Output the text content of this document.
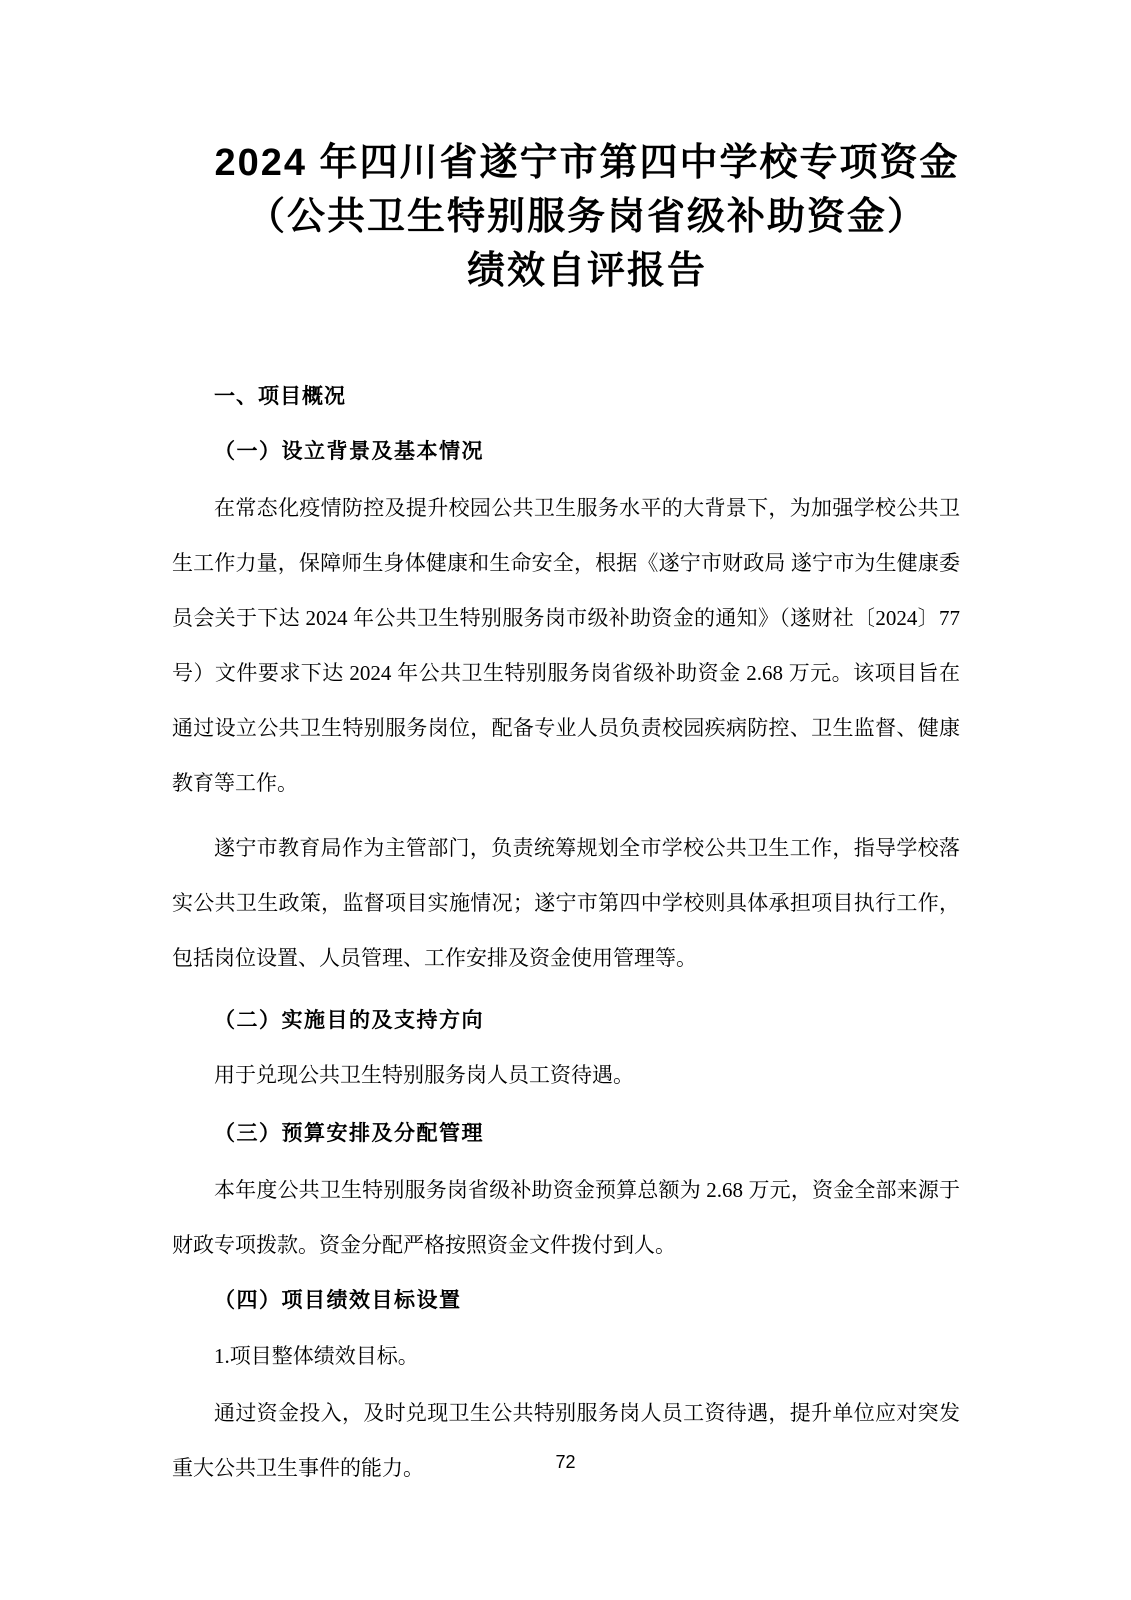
2024 年四川省遂宁市第四中学校专项资金
（公共卫生特别服务岗省级补助资金）
绩效自评报告
一、项目概况
（一）设立背景及基本情况

在常态化疫情防控及提升校园公共卫生服务水平的大背景下，为加强学校公共卫生工作力量，保障师生身体健康和生命安全，根据《遂宁市财政局 遂宁市为生健康委员会关于下达 2024 年公共卫生特别服务岗市级补助资金的通知》（遂财社〔2024〕77 号）文件要求下达 2024 年公共卫生特别服务岗省级补助资金 2.68 万元。该项目旨在通过设立公共卫生特别服务岗位，配备专业人员负责校园疾病防控、卫生监督、健康教育等工作。

遂宁市教育局作为主管部门，负责统筹规划全市学校公共卫生工作，指导学校落实公共卫生政策，监督项目实施情况；遂宁市第四中学校则具体承担项目执行工作，包括岗位设置、人员管理、工作安排及资金使用管理等。

（二）实施目的及支持方向

用于兑现公共卫生特别服务岗人员工资待遇。

（三）预算安排及分配管理

本年度公共卫生特别服务岗省级补助资金预算总额为 2.68 万元，资金全部来源于财政专项拨款。资金分配严格按照资金文件拨付到人。

（四）项目绩效目标设置

1.项目整体绩效目标。

通过资金投入，及时兑现卫生公共特别服务岗人员工资待遇，提升单位应对突发重大公共卫生事件的能力。	72
